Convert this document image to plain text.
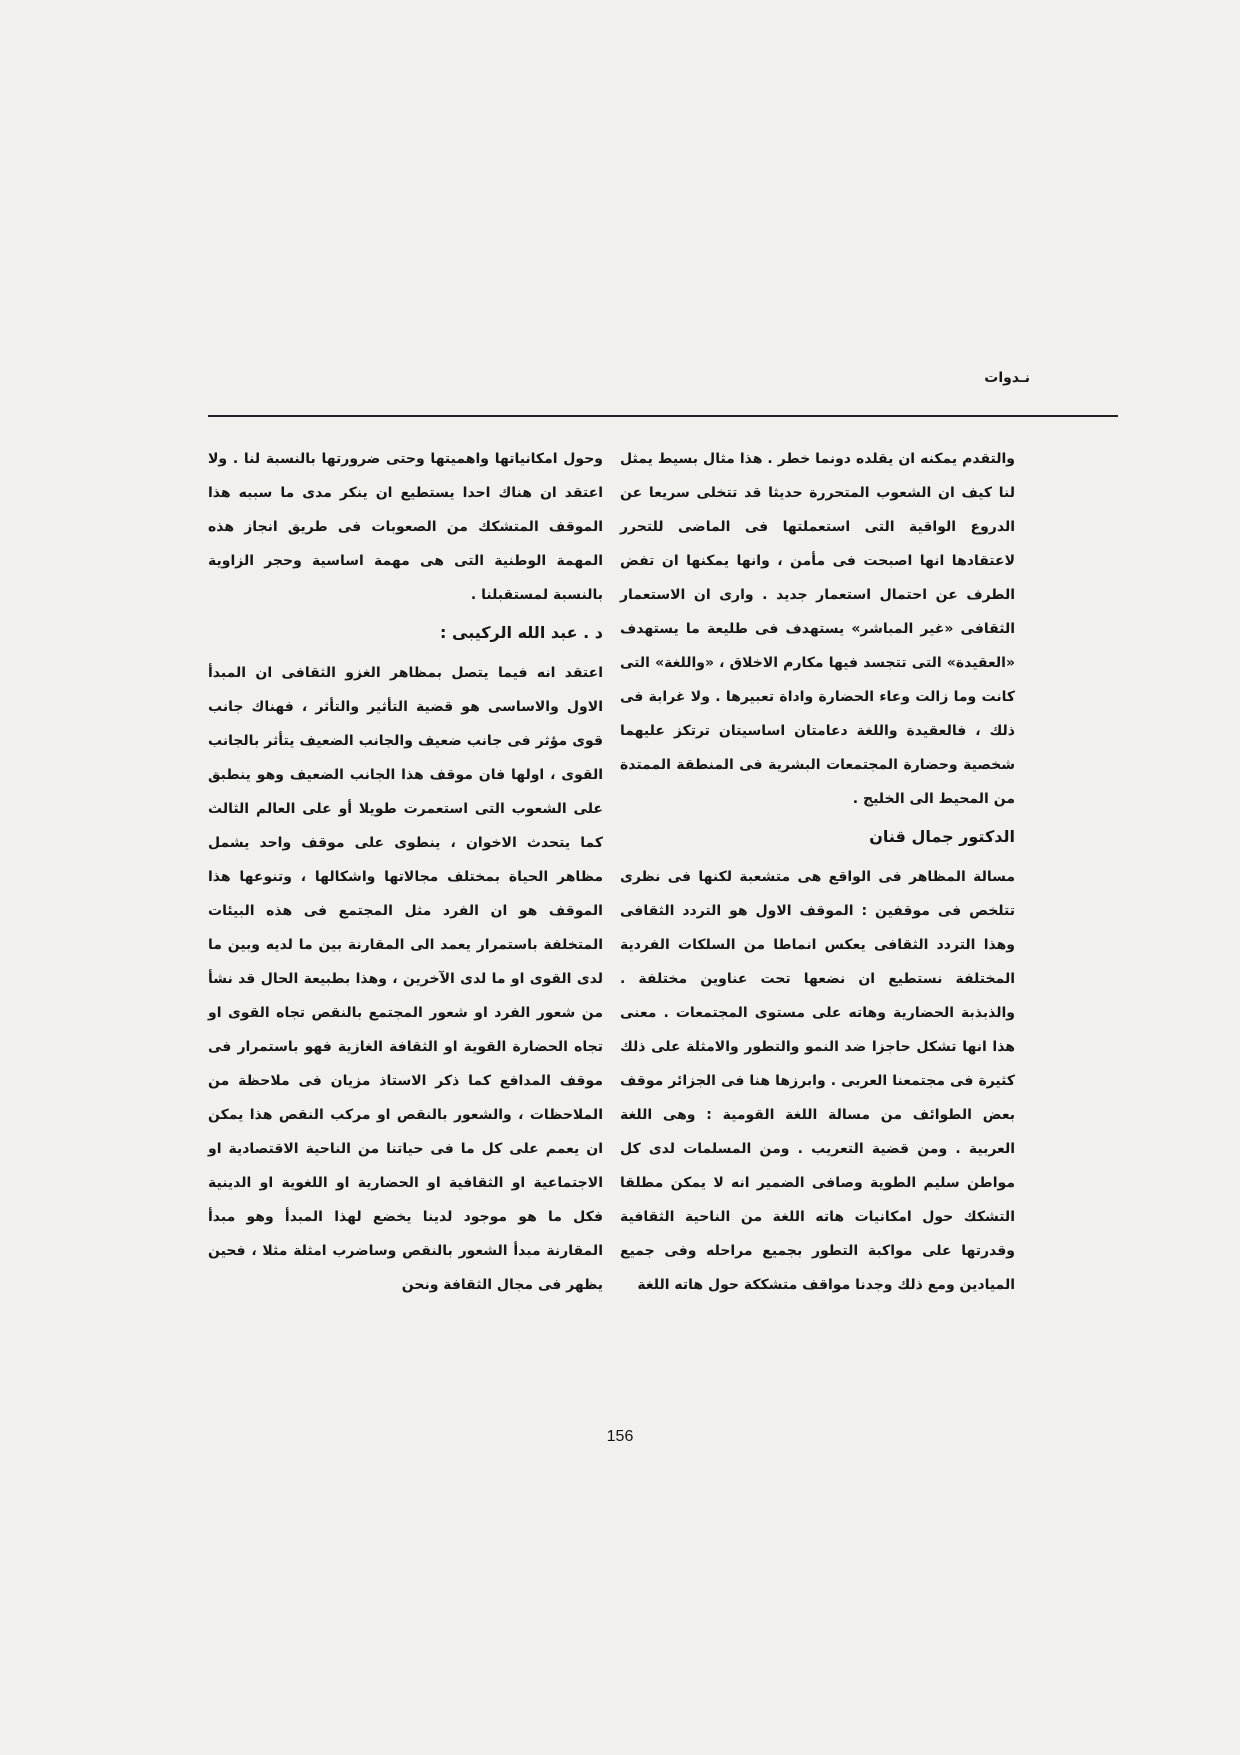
نـدوات

والتقدم يمكنه ان يقلده دونما خطر . هذا مثال بسيط يمثل لنا كيف ان الشعوب المتحررة حديثا قد تتخلى سريعا عن الدروع الواقية التى استعملتها فى الماضى للتحرر لاعتقادها انها اصبحت فى مأمن ، وانها يمكنها ان تفض الطرف عن احتمال استعمار جديد . وارى ان الاستعمار الثقافى «غير المباشر» يستهدف فى طليعة ما يستهدف «العقيدة» التى تتجسد فيها مكارم الاخلاق ، «واللغة» التى كانت وما زالت وعاء الحضارة واداة تعبيرها . ولا غرابة فى ذلك ، فالعقيدة واللغة دعامتان اساسيتان ترتكز عليهما شخصية وحضارة المجتمعات البشرية فى المنطقة الممتدة من المحيط الى الخليج .

الدكتور جمال قنان

مسالة المظاهر فى الواقع هى متشعبة لكنها فى نظرى تتلخص فى موقفين : الموقف الاول هو التردد الثقافى وهذا التردد الثقافى يعكس انماطا من السلكات الفردية المختلفة نستطيع ان نضعها تحت عناوين مختلفة . والذبذبة الحضارية وهاته على مستوى المجتمعات . معنى هذا انها تشكل حاجزا ضد النمو والتطور والامثلة على ذلك كثيرة فى مجتمعنا العربى . وابرزها هنا فى الجزائر موقف بعض الطوائف من مسالة اللغة القومية : وهى اللغة العربية . ومن قضية التعريب . ومن المسلمات لدى كل مواطن سليم الطوية وصافى الضمير انه لا يمكن مطلقا التشكك حول امكانيات هاته اللغة من الناحية الثقافية وقدرتها على مواكبة التطور بجميع مراحله وفى جميع الميادين ومع ذلك وجدنا مواقف متشككة حول هاته اللغة

وحول امكانياتها واهميتها وحتى ضرورتها بالنسبة لنا . ولا اعتقد ان هناك احدا يستطيع ان ينكر مدى ما سببه هذا الموقف المتشكك من الصعوبات فى طريق انجاز هذه المهمة الوطنية التى هى مهمة اساسية وحجر الزاوية بالنسبة لمستقبلنا .

د . عبد الله الركيبى :

اعتقد انه فيما يتصل بمظاهر الغزو الثقافى ان المبدأ الاول والاساسى هو قضية التأثير والتأثر ، فهناك جانب قوى مؤثر فى جانب ضعيف والجانب الضعيف يتأثر بالجانب القوى ، اولها فان موقف هذا الجانب الضعيف وهو ينطبق على الشعوب التى استعمرت طويلا أو على العالم الثالث كما يتحدث الاخوان ، ينطوى على موقف واحد يشمل مظاهر الحياة بمختلف مجالاتها واشكالها ، وتنوعها هذا الموقف هو ان الفرد مثل المجتمع فى هذه البيئات المتخلفة باستمرار يعمد الى المقارنة بين ما لديه وبين ما لدى القوى او ما لدى الآخرين ، وهذا بطبيعة الحال قد نشأ من شعور الفرد او شعور المجتمع بالنقص تجاه القوى او تجاه الحضارة القوية او الثقافة الغازية فهو باستمرار فى موقف المدافع كما ذكر الاستاذ مزيان فى ملاحظة من الملاحظات ، والشعور بالنقص او مركب النقص هذا يمكن ان يعمم على كل ما فى حياتنا من الناحية الاقتصادية او الاجتماعية او الثقافية او الحضارية او اللغوية او الدينية فكل ما هو موجود لدينا يخضع لهذا المبدأ وهو مبدأ المقارنة مبدأ الشعور بالنقص وساضرب امثلة مثلا ، فحين يظهر فى مجال الثقافة ونحن

156
